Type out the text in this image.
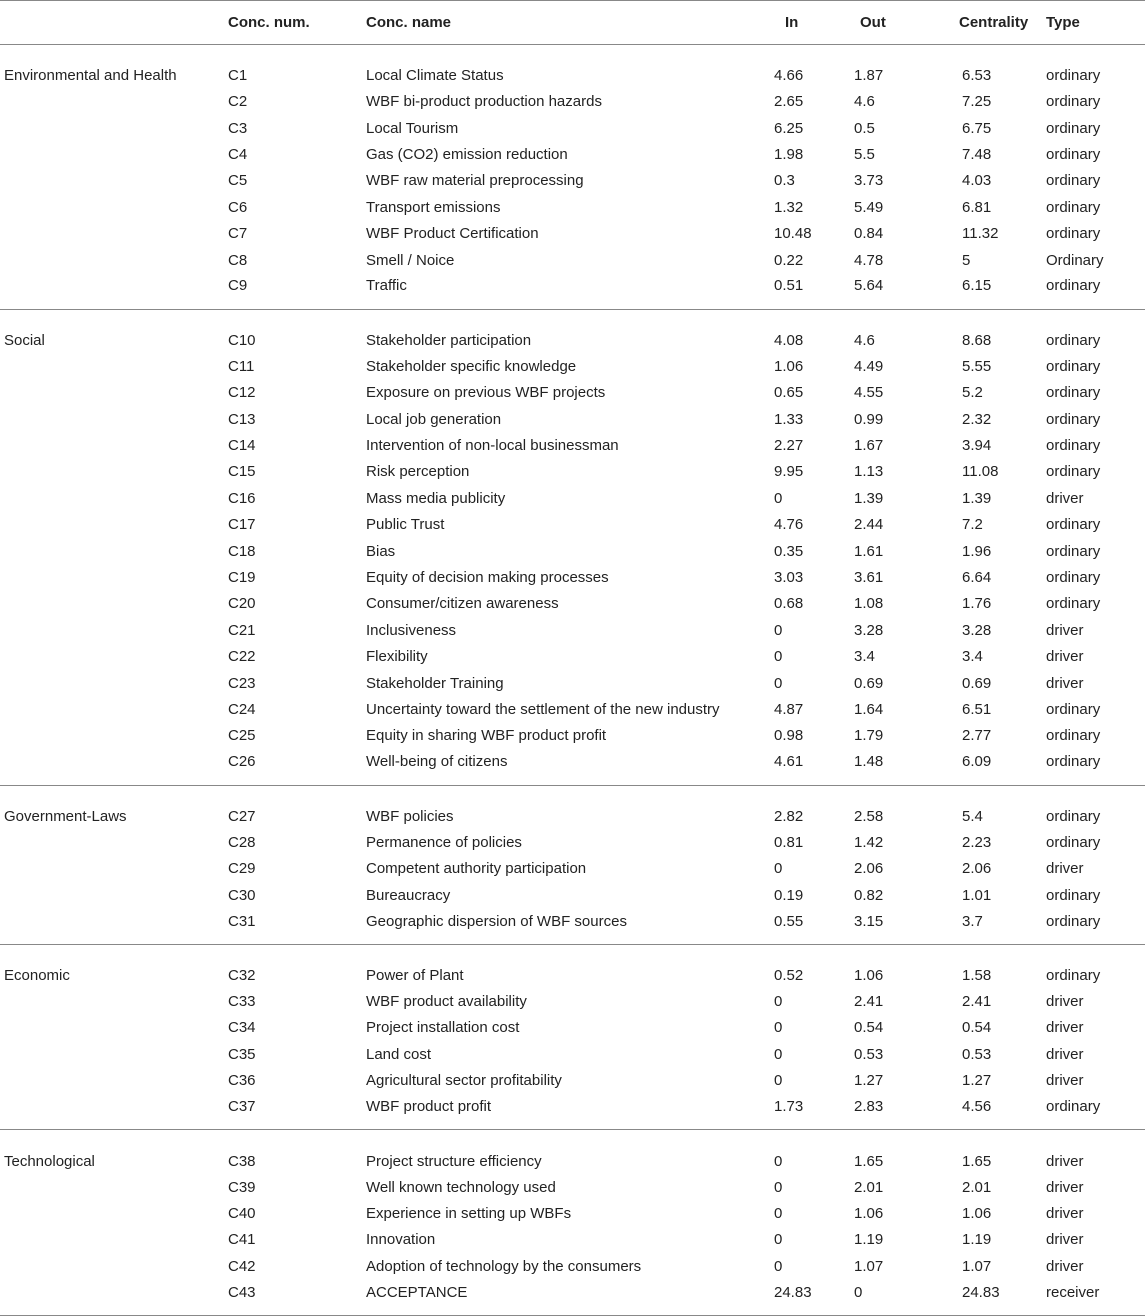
	Conc. num.	Conc. name	In	Out	Centrality	Type
Environmental and Health	C1	Local Climate Status	4.66	1.87	6.53	ordinary
	C2	WBF bi-product production hazards	2.65	4.6	7.25	ordinary
	C3	Local Tourism	6.25	0.5	6.75	ordinary
	C4	Gas (CO2) emission reduction	1.98	5.5	7.48	ordinary
	C5	WBF raw material preprocessing	0.3	3.73	4.03	ordinary
	C6	Transport emissions	1.32	5.49	6.81	ordinary
	C7	WBF Product Certification	10.48	0.84	11.32	ordinary
	C8	Smell / Noice	0.22	4.78	5	Ordinary
	C9	Traffic	0.51	5.64	6.15	ordinary
Social	C10	Stakeholder participation	4.08	4.6	8.68	ordinary
	C11	Stakeholder specific knowledge	1.06	4.49	5.55	ordinary
	C12	Exposure on previous WBF projects	0.65	4.55	5.2	ordinary
	C13	Local job generation	1.33	0.99	2.32	ordinary
	C14	Intervention of non-local businessman	2.27	1.67	3.94	ordinary
	C15	Risk perception	9.95	1.13	11.08	ordinary
	C16	Mass media publicity	0	1.39	1.39	driver
	C17	Public Trust	4.76	2.44	7.2	ordinary
	C18	Bias	0.35	1.61	1.96	ordinary
	C19	Equity of decision making processes	3.03	3.61	6.64	ordinary
	C20	Consumer/citizen awareness	0.68	1.08	1.76	ordinary
	C21	Inclusiveness	0	3.28	3.28	driver
	C22	Flexibility	0	3.4	3.4	driver
	C23	Stakeholder Training	0	0.69	0.69	driver
	C24	Uncertainty toward the settlement of the new industry	4.87	1.64	6.51	ordinary
	C25	Equity in sharing WBF product profit	0.98	1.79	2.77	ordinary
	C26	Well-being of citizens	4.61	1.48	6.09	ordinary
Government-Laws	C27	WBF policies	2.82	2.58	5.4	ordinary
	C28	Permanence of policies	0.81	1.42	2.23	ordinary
	C29	Competent authority participation	0	2.06	2.06	driver
	C30	Bureaucracy	0.19	0.82	1.01	ordinary
	C31	Geographic dispersion of WBF sources	0.55	3.15	3.7	ordinary
Economic	C32	Power of Plant	0.52	1.06	1.58	ordinary
	C33	WBF product availability	0	2.41	2.41	driver
	C34	Project installation cost	0	0.54	0.54	driver
	C35	Land cost	0	0.53	0.53	driver
	C36	Agricultural sector profitability	0	1.27	1.27	driver
	C37	WBF product profit	1.73	2.83	4.56	ordinary
Technological	C38	Project structure efficiency	0	1.65	1.65	driver
	C39	Well known technology used	0	2.01	2.01	driver
	C40	Experience in setting up WBFs	0	1.06	1.06	driver
	C41	Innovation	0	1.19	1.19	driver
	C42	Adoption of technology by the consumers	0	1.07	1.07	driver
	C43	ACCEPTANCE	24.83	0	24.83	receiver
